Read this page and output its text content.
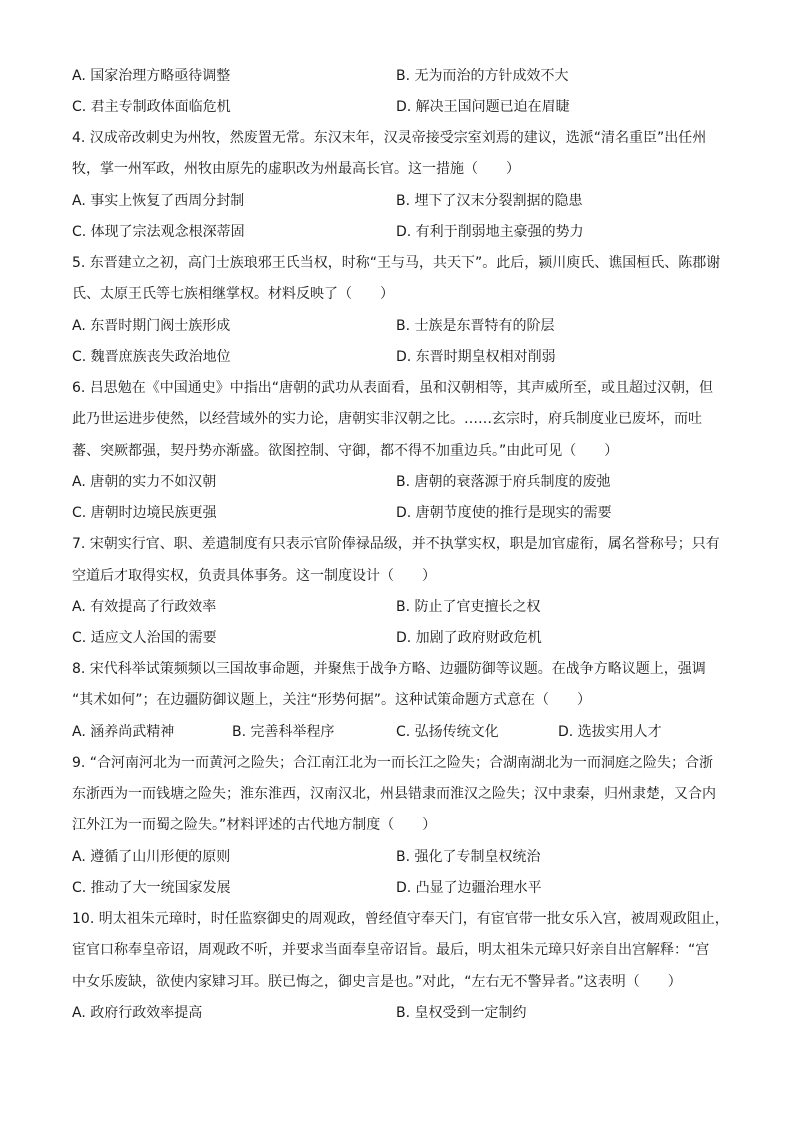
A. 国家治理方略亟待调整	B. 无为而治的方针成效不大
C. 君主专制政体面临危机	D. 解决王国问题已迫在眉睫
4. 汉成帝改刺史为州牧，然废置无常。东汉末年，汉灵帝接受宗室刘焉的建议，选派“清名重臣”出任州
牧，掌一州军政，州牧由原先的虚职改为州最高长官。这一措施（　　）
A. 事实上恢复了西周分封制	B. 埋下了汉末分裂割据的隐患
C. 体现了宗法观念根深蒂固	D. 有利于削弱地主豪强的势力
5. 东晋建立之初，高门士族琅邪王氏当权，时称“王与马，共天下”。此后，颍川庾氏、谯国桓氏、陈郡谢
氏、太原王氏等七族相继掌权。材料反映了（　　）
A. 东晋时期门阀士族形成	B. 士族是东晋特有的阶层
C. 魏晋庶族丧失政治地位	D. 东晋时期皇权相对削弱
6. 吕思勉在《中国通史》中指出“唐朝的武功从表面看，虽和汉朝相等，其声威所至，或且超过汉朝，但
此乃世运进步使然，以经营域外的实力论，唐朝实非汉朝之比。……玄宗时，府兵制度业已废坏，而吐
蕃、突厥都强，契丹势亦渐盛。欲图控制、守御，都不得不加重边兵。”由此可见（　　）
A. 唐朝的实力不如汉朝	B. 唐朝的衰落源于府兵制度的废弛
C. 唐朝时边境民族更强	D. 唐朝节度使的推行是现实的需要
7. 宋朝实行官、职、差遣制度有只表示官阶俸禄品级，并不执掌实权，职是加官虚衔，属名誉称号；只有
空道后才取得实权，负责具体事务。这一制度设计（　　）
A. 有效提高了行政效率	B. 防止了官吏擅长之权
C. 适应文人治国的需要	D. 加剧了政府财政危机
8. 宋代科举试策频频以三国故事命题，并聚焦于战争方略、边疆防御等议题。在战争方略议题上，强调
“其术如何”；在边疆防御议题上，关注“形势何据”。这种试策命题方式意在（　　）
A. 涵养尚武精神	B. 完善科举程序	C. 弘扬传统文化	D. 选拔实用人才
9. “合河南河北为一而黄河之险失；合江南江北为一而长江之险失；合湖南湖北为一而洞庭之险失；合浙
东浙西为一而钱塘之险失；淮东淮西，汉南汉北，州县错隶而淮汉之险失；汉中隶秦，归州隶楚，又合内
江外江为一而蜀之险失。”材料评述的古代地方制度（　　）
A. 遵循了山川形便的原则	B. 强化了专制皇权统治
C. 推动了大一统国家发展	D. 凸显了边疆治理水平
10. 明太祖朱元璋时，时任监察御史的周观政，曾经值守奉天门，有宦官带一批女乐入宫，被周观政阻止，
宦官口称奉皇帝诏，周观政不听，并要求当面奉皇帝诏旨。最后，明太祖朱元璋只好亲自出宫解释：“宫
中女乐废缺，欲使内家肄习耳。朕已悔之，御史言是也。”对此，“左右无不警异者。”这表明（　　）
A. 政府行政效率提高	B. 皇权受到一定制约
